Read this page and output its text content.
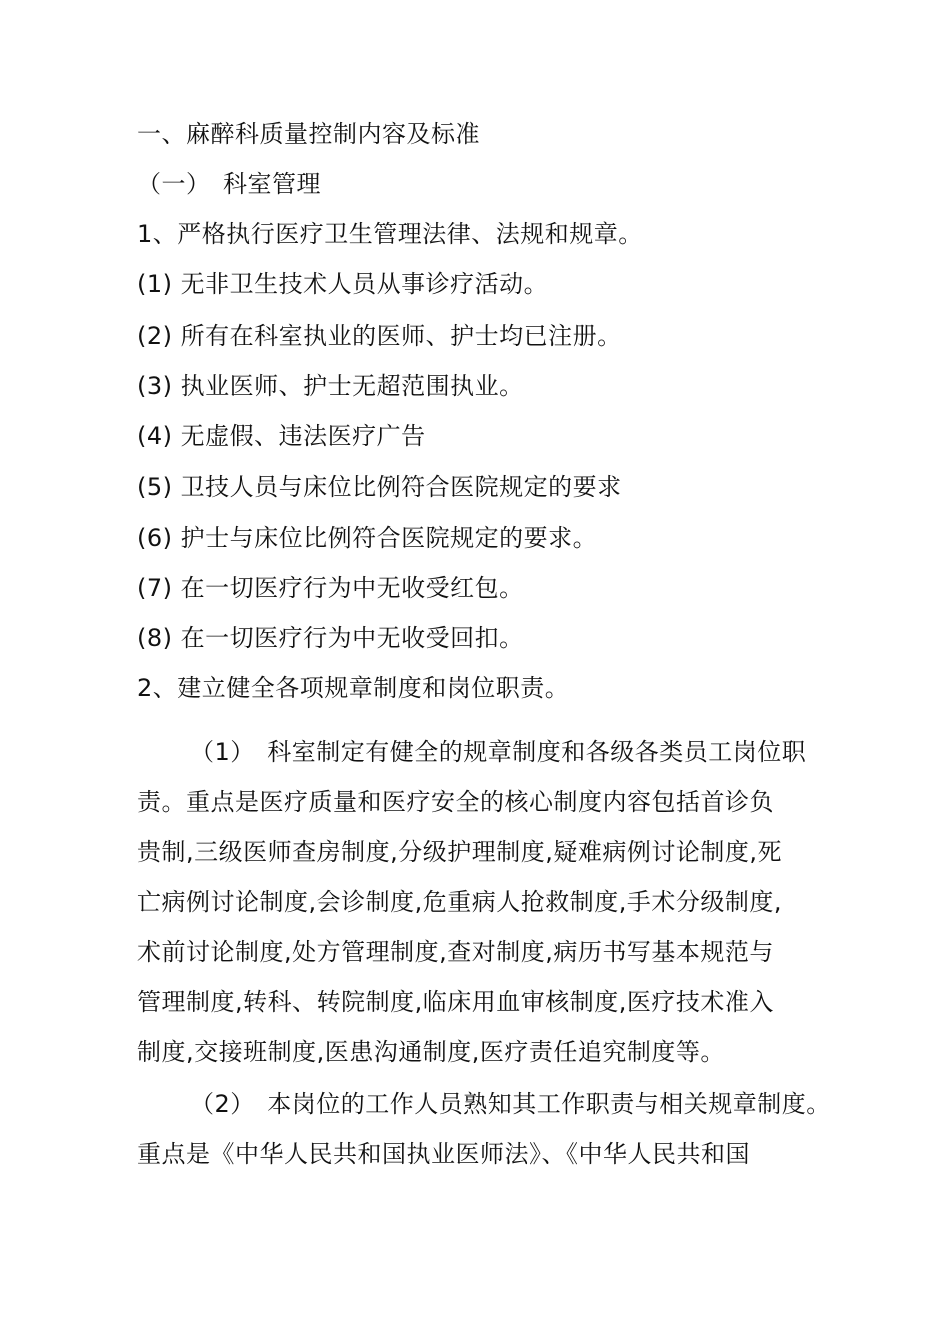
一、麻醉科质量控制内容及标准
（一）　科室管理
1、严格执行医疗卫生管理法律、法规和规章。
(1) 无非卫生技术人员从事诊疗活动。
(2) 所有在科室执业的医师、护士均已注册。
(3) 执业医师、护士无超范围执业。
(4) 无虚假、违法医疗广告
(5) 卫技人员与床位比例符合医院规定的要求
(6) 护士与床位比例符合医院规定的要求。
(7) 在一切医疗行为中无收受红包。
(8) 在一切医疗行为中无收受回扣。
2、建立健全各项规章制度和岗位职责。
（1）　科室制定有健全的规章制度和各级各类员工岗位职
责。重点是医疗质量和医疗安全的核心制度内容包括首诊负
贵制,三级医师查房制度,分级护理制度,疑难病例讨论制度,死
亡病例讨论制度,会诊制度,危重病人抢救制度,手术分级制度,
术前讨论制度,处方管理制度,查对制度,病历书写基本规范与
管理制度,转科、转院制度,临床用血审核制度,医疗技术准入
制度,交接班制度,医患沟通制度,医疗责任追究制度等。
（2）　本岗位的工作人员熟知其工作职责与相关规章制度。
重点是《中华人民共和国执业医师法》、《中华人民共和国
